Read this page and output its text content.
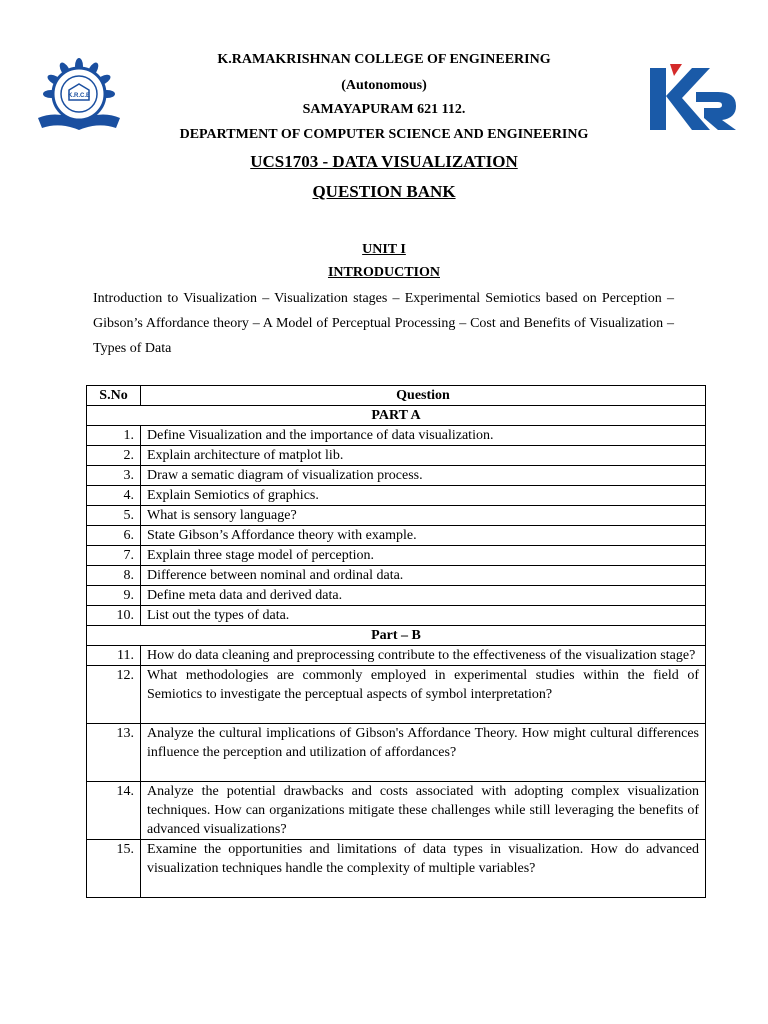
K.R.C.E
K.RAMAKRISHNAN COLLEGE OF ENGINEERING
(Autonomous)
SAMAYAPURAM 621 112.
DEPARTMENT OF COMPUTER SCIENCE AND ENGINEERING
UCS1703 - DATA VISUALIZATION
QUESTION BANK
UNIT I
INTRODUCTION
Introduction to Visualization – Visualization stages – Experimental Semiotics based on Perception – Gibson’s Affordance theory – A Model of Perceptual Processing – Cost and Benefits of Visualization – Types of Data
S.No	Question
PART A	
1.	Define Visualization and the importance of data visualization.
2.	Explain architecture of matplot lib.
3.	Draw a sematic diagram of visualization process.
4.	Explain Semiotics of graphics.
5.	What is sensory language?
6.	State Gibson’s Affordance theory with example.
7.	Explain three stage model of perception.
8.	Difference between nominal and ordinal data.
9.	Define meta data and derived data.
10.	List out the types of data.
Part – B	
11.	How do data cleaning and preprocessing contribute to the effectiveness of the visualization stage?
12.	What methodologies are commonly employed in experimental studies within the field of Semiotics to investigate the perceptual aspects of symbol interpretation?
13.	Analyze the cultural implications of Gibson's Affordance Theory. How might cultural differences influence the perception and utilization of affordances?
14.	Analyze the potential drawbacks and costs associated with adopting complex visualization techniques. How can organizations mitigate these challenges while still leveraging the benefits of advanced visualizations?
15.	Examine the opportunities and limitations of data types in visualization. How do advanced visualization techniques handle the complexity of multiple variables?
